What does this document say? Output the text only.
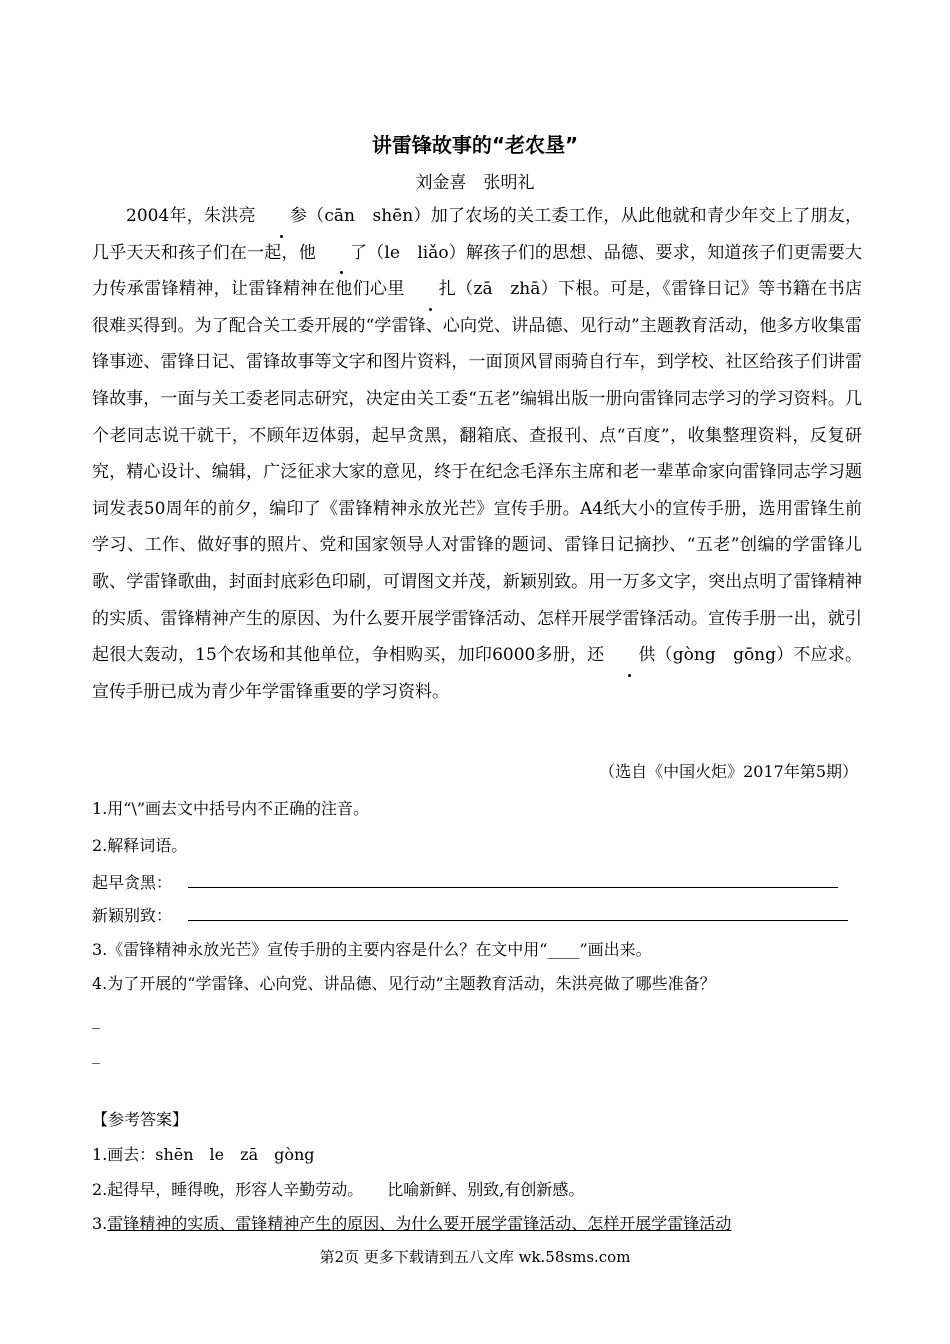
讲雷锋故事的“老农垦”
刘金喜　张明礼

2004年，朱洪亮 参（cān　shēn）加了农场的关工委工作，从此他就和青少年交上了朋友，几乎天天和孩子们在一起，他 了（le　liǎo）解孩子们的思想、品德、要求，知道孩子们更需要大力传承雷锋精神，让雷锋精神在他们心里 扎（zā　zhā）下根。可是，《雷锋日记》等书籍在书店很难买得到。为了配合关工委开展的“学雷锋、心向党、讲品德、见行动”主题教育活动，他多方收集雷锋事迹、雷锋日记、雷锋故事等文字和图片资料，一面顶风冒雨骑自行车，到学校、社区给孩子们讲雷锋故事，一面与关工委老同志研究，决定由关工委“五老”编辑出版一册向雷锋同志学习的学习资料。几个老同志说干就干，不顾年迈体弱，起早贪黑，翻箱底、查报刊、点“百度”，收集整理资料，反复研究，精心设计、编辑，广泛征求大家的意见，终于在纪念毛泽东主席和老一辈革命家向雷锋同志学习题词发表50周年的前夕，编印了《雷锋精神永放光芒》宣传手册。A4纸大小的宣传手册，选用雷锋生前学习、工作、做好事的照片、党和国家领导人对雷锋的题词、雷锋日记摘抄、“五老”创编的学雷锋儿歌、学雷锋歌曲，封面封底彩色印刷，可谓图文并茂，新颖别致。用一万多文字，突出点明了雷锋精神的实质、雷锋精神产生的原因、为什么要开展学雷锋活动、怎样开展学雷锋活动。宣传手册一出，就引起很大轰动，15个农场和其他单位，争相购买，加印6000多册，还 供（gòng　gōng）不应求。宣传手册已成为青少年学雷锋重要的学习资料。

（选自《中国火炬》2017年第5期）
1.用“\”画去文中括号内不正确的注音。
2.解释词语。
起早贪黑：
新颖别致：
3.《雷锋精神永放光芒》宣传手册的主要内容是什么？在文中用“____”画出来。
4.为了开展的“学雷锋、心向党、讲品德、见行动”主题教育活动，朱洪亮做了哪些准备？
_
_
【参考答案】
1.画去：shēn　le　zā　gòng
2.起得早，睡得晚，形容人辛勤劳动。　　比喻新鲜、别致,有创新感。
3.雷锋精神的实质、雷锋精神产生的原因、为什么要开展学雷锋活动、怎样开展学雷锋活动
第2页 更多下载请到五八文库 wk.58sms.com
